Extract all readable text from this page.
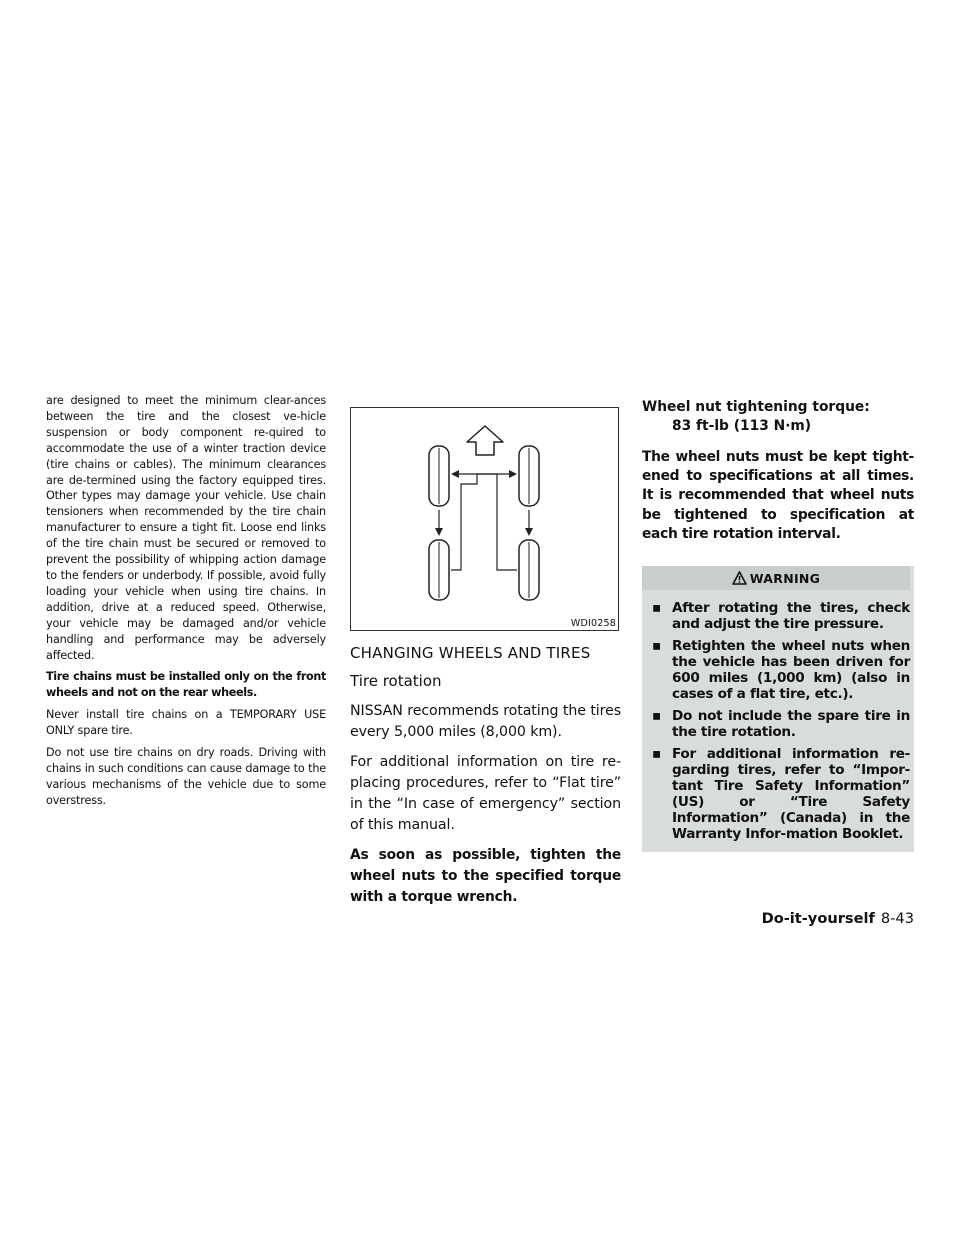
are designed to meet the minimum clear-ances between the tire and the closest ve-hicle suspension or body component re-quired to accommodate the use of a winter traction device (tire chains or cables). The minimum clearances are de-termined using the factory equipped tires. Other types may damage your vehicle. Use chain tensioners when recommended by the tire chain manufacturer to ensure a tight fit. Loose end links of the tire chain must be secured or removed to prevent the possibility of whipping action damage to the fenders or underbody. If possible, avoid fully loading your vehicle when using tire chains. In addition, drive at a reduced speed. Otherwise, your vehicle may be damaged and/or vehicle handling and performance may be adversely affected.

Tire chains must be installed only on the front wheels and not on the rear wheels.

Never install tire chains on a TEMPORARY USE ONLY spare tire.

Do not use tire chains on dry roads. Driving with chains in such conditions can cause damage to the various mechanisms of the vehicle due to some overstress.

WDI0258

CHANGING WHEELS AND TIRES

Tire rotation

NISSAN recommends rotating the tires every 5,000 miles (8,000 km).

For additional information on tire re-placing procedures, refer to “Flat tire” in the “In case of emergency” section of this manual.

As soon as possible, tighten the wheel nuts to the specified torque with a torque wrench.

Wheel nut tightening torque:

83 ft-lb (113 N·m)

The wheel nuts must be kept tight-ened to specifications at all times. It is recommended that wheel nuts be tightened to specification at each tire rotation interval.

WARNING
▪ After rotating the tires, check and adjust the tire pressure.
▪ Retighten the wheel nuts when the vehicle has been driven for 600 miles (1,000 km) (also in cases of a flat tire, etc.).
▪ Do not include the spare tire in the tire rotation.
▪ For additional information re-garding tires, refer to “Impor-tant Tire Safety Information” (US) or “Tire Safety Information” (Canada) in the Warranty Infor-mation Booklet.
Do-it-yourself 8-43
